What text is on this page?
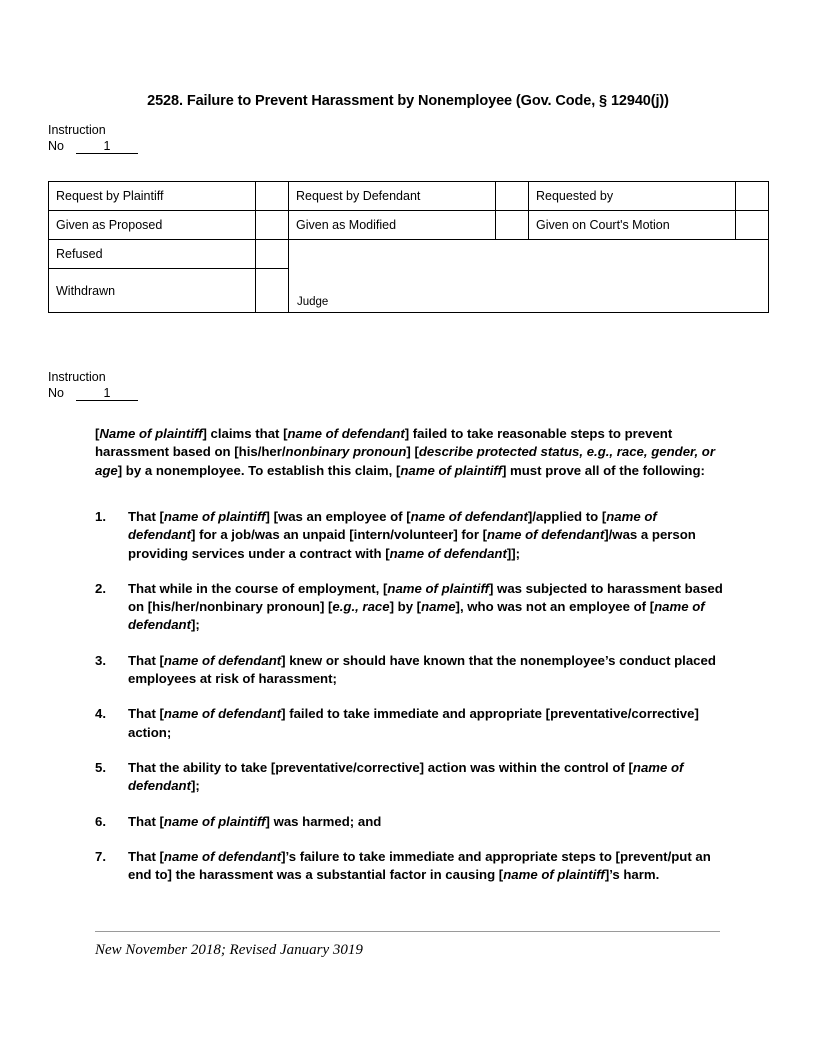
2528. Failure to Prevent Harassment by Nonemployee (Gov. Code, § 12940(j))
Instruction
No	1
Request by Plaintiff		Request by Defendant		Requested by	
Given as Proposed		Given as Modified		Given on Court's Motion	
Refused		Judge			
Withdrawn					
Instruction
No	1
[Name of plaintiff] claims that [name of defendant] failed to take reasonable steps to prevent harassment based on [his/her/nonbinary pronoun] [describe protected status, e.g., race, gender, or age] by a nonemployee. To establish this claim, [name of plaintiff] must prove all of the following:
1.	That [name of plaintiff] [was an employee of [name of defendant]/applied to [name of defendant] for a job/was an unpaid [intern/volunteer] for [name of defendant]/was a person providing services under a contract with [name of defendant]];
2.	That while in the course of employment, [name of plaintiff] was subjected to harassment based on [his/her/nonbinary pronoun] [e.g., race] by [name], who was not an employee of [name of defendant];
3.	That [name of defendant] knew or should have known that the nonemployee’s conduct placed employees at risk of harassment;
4.	That [name of defendant] failed to take immediate and appropriate [preventative/corrective] action;
5.	That the ability to take [preventative/corrective] action was within the control of [name of defendant];
6.	That [name of plaintiff] was harmed; and
7.	That [name of defendant]’s failure to take immediate and appropriate steps to [prevent/put an end to] the harassment was a substantial factor in causing [name of plaintiff]’s harm.
New November 2018; Revised January 3019
